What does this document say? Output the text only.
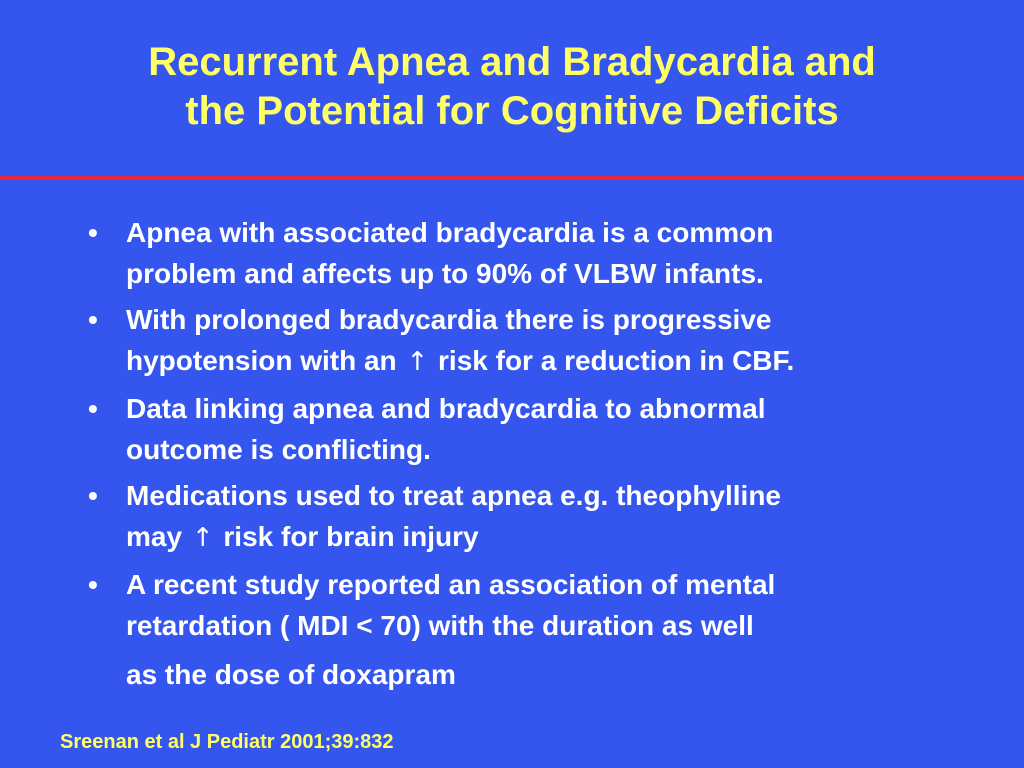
Recurrent Apnea and Bradycardia and
the Potential for Cognitive Deficits
•	Apnea with associated bradycardia is a common
problem and affects up to 90% of VLBW infants.
•	With prolonged bradycardia there is progressive
hypotension with an ↑ risk for a reduction in CBF.
•	Data linking apnea and bradycardia to abnormal
outcome is conflicting.
•	Medications used to treat apnea e.g. theophylline
may ↑ risk for brain injury
•	A recent study reported an association of mental
retardation ( MDI < 70) with the duration as well
as the dose of doxapram
Sreenan et al J Pediatr 2001;39:832
